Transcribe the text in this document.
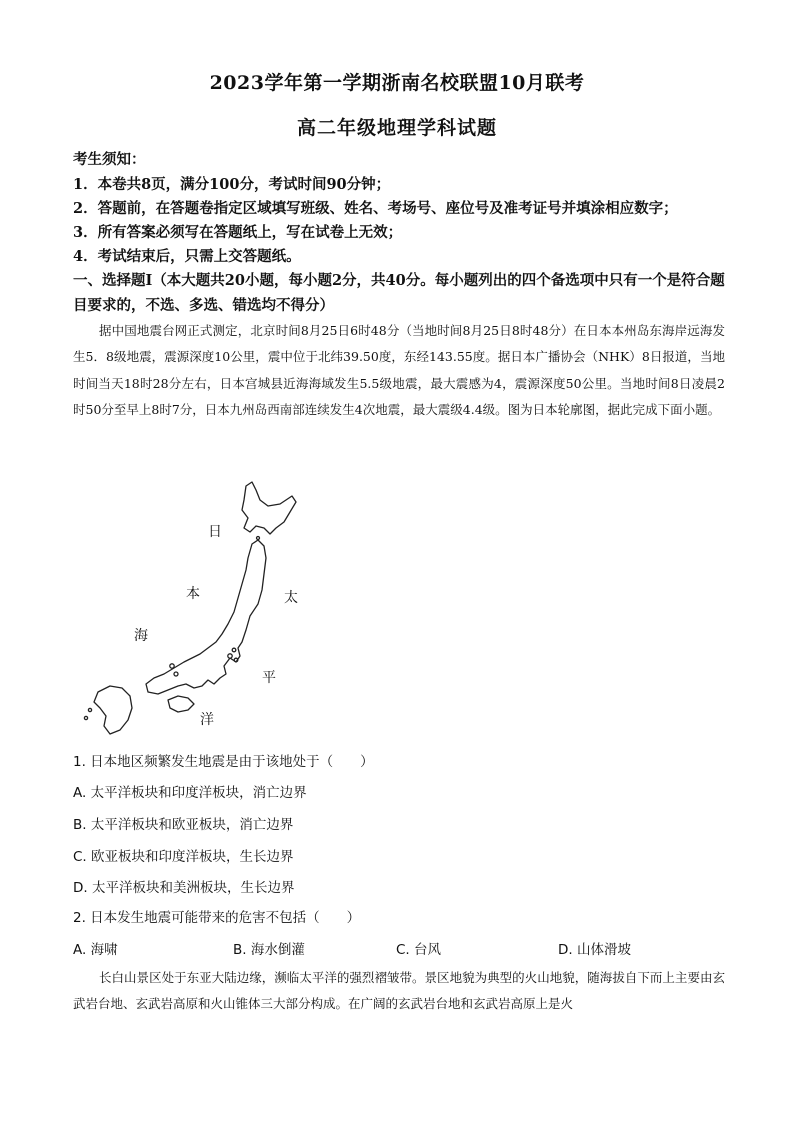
2023学年第一学期浙南名校联盟10月联考
高二年级地理学科试题
考生须知：
1．本卷共8页，满分100分，考试时间90分钟；
2．答题前，在答题卷指定区域填写班级、姓名、考场号、座位号及准考证号并填涂相应数字；
3．所有答案必须写在答题纸上，写在试卷上无效；
4．考试结束后，只需上交答题纸。
一、选择题Ⅰ（本大题共20小题，每小题2分，共40分。每小题列出的四个备选项中只有一个是符合题目要求的，不选、多选、错选均不得分）
据中国地震台网正式测定，北京时间8月25日6时48分（当地时间8月25日8时48分）在日本本州岛东海岸远海发生5．8级地震，震源深度10公里，震中位于北纬39.50度，东经143.55度。据日本广播协会（NHK）8日报道，当地时间当天18时28分左右，日本宫城县近海海域发生5.5级地震，最大震感为4，震源深度50公里。当地时间8日凌晨2时50分至早上8时7分，日本九州岛西南部连续发生4次地震，最大震级4.4级。图为日本轮廓图，据此完成下面小题。
日
本
海
太
平
洋
1. 日本地区频繁发生地震是由于该地处于（　　）
A. 太平洋板块和印度洋板块，消亡边界
B. 太平洋板块和欧亚板块，消亡边界
C. 欧亚板块和印度洋板块，生长边界
D. 太平洋板块和美洲板块，生长边界
2. 日本发生地震可能带来的危害不包括（　　）
A. 海啸	B. 海水倒灌	C. 台风	D. 山体滑坡
长白山景区处于东亚大陆边缘，濒临太平洋的强烈褶皱带。景区地貌为典型的火山地貌，随海拔自下而上主要由玄武岩台地、玄武岩高原和火山锥体三大部分构成。在广阔的玄武岩台地和玄武岩高原上是火
